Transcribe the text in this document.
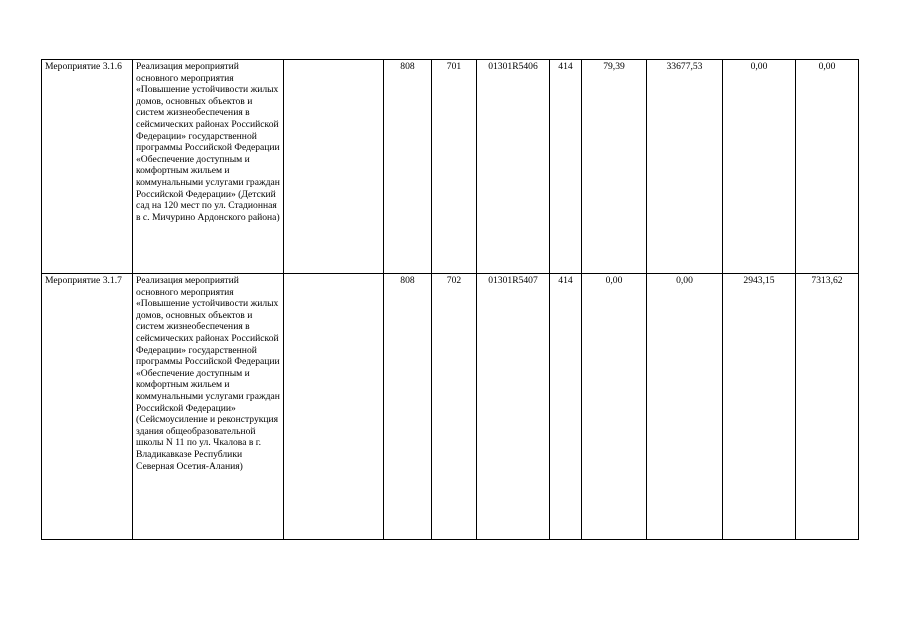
Мероприятие 3.1.6	Реализация мероприятий основного мероприятия «Повышение устойчивости жилых домов, основных объектов и систем жизнеобеспечения в сейсмических районах Российской Федерации» государственной программы Российской Федерации «Обеспечение доступным и комфортным жильем и коммунальными услугами граждан Российской Федерации» (Детский сад на 120 мест по ул. Стадионная в с. Мичурино Ардонского района)		808	701	01301R5406	414	79,39	33677,53	0,00	0,00
Мероприятие 3.1.7	Реализация мероприятий основного мероприятия «Повышение устойчивости жилых домов, основных объектов и систем жизнеобеспечения в сейсмических районах Российской Федерации» государственной программы Российской Федерации «Обеспечение доступным и комфортным жильем и коммунальными услугами граждан Российской Федерации» (Сейсмоусиление и реконструкция здания общеобразовательной школы N 11 по ул. Чкалова в г. Владикавказе Республики Северная Осетия-Алания)		808	702	01301R5407	414	0,00	0,00	2943,15	7313,62
